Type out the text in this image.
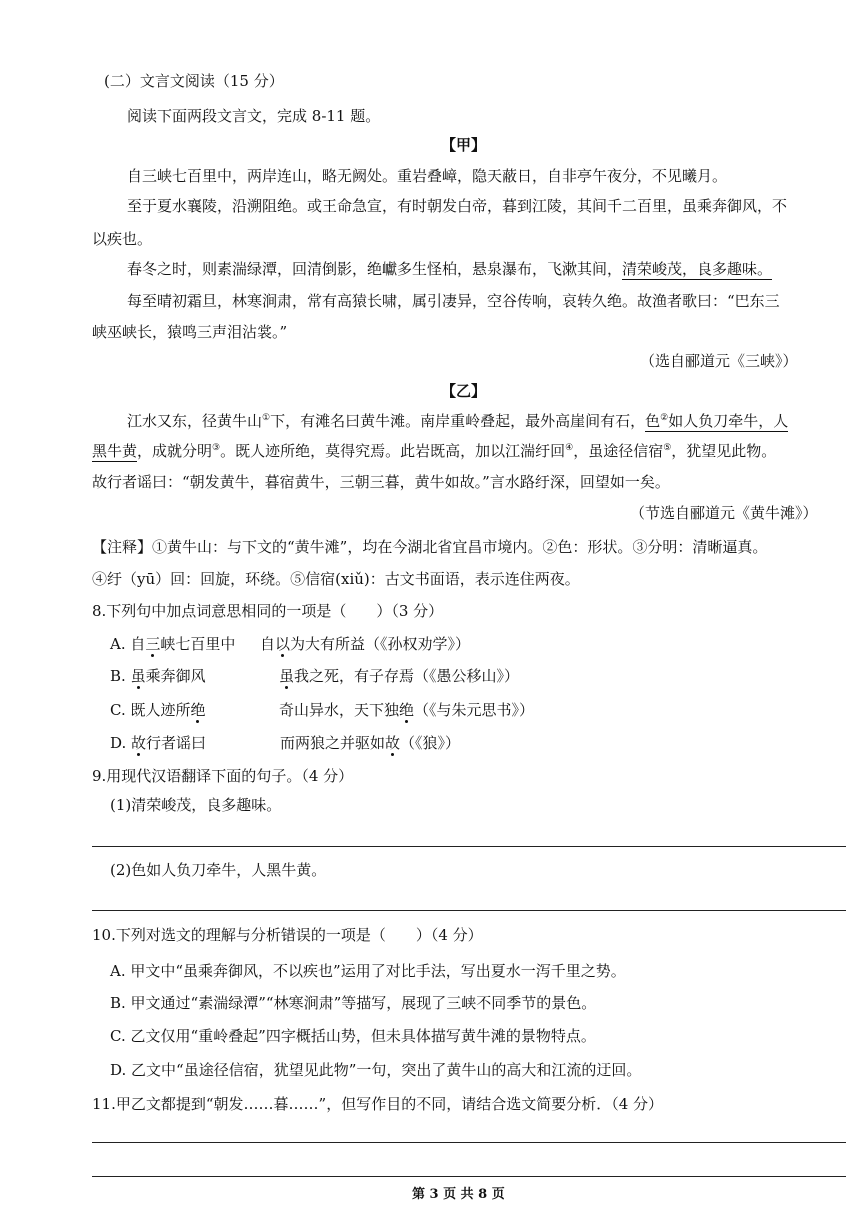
(二）文言文阅读（15 分）
阅读下面两段文言文，完成 8-11 题。
【甲】
自三峡七百里中，两岸连山，略无阙处。重岩叠嶂，隐天蔽日，自非亭午夜分，不见曦月。
至于夏水襄陵，沿溯阻绝。或王命急宣，有时朝发白帝，暮到江陵，其间千二百里，虽乘奔御风，不
以疾也。
春冬之时，则素湍绿潭，回清倒影，绝巘多生怪柏，悬泉瀑布，飞漱其间，清荣峻茂，良多趣味。
每至晴初霜旦，林寒涧肃，常有高猿长啸，属引凄异，空谷传响，哀转久绝。故渔者歌曰：“巴东三
峡巫峡长，猿鸣三声泪沾裳。”
（选自郦道元《三峡》）
【乙】
江水又东，径黄牛山①下，有滩名曰黄牛滩。南岸重岭叠起，最外高崖间有石，色②如人负刀牵牛，人
黑牛黄，成就分明③。既人迹所绝，莫得究焉。此岩既高，加以江湍纡回④，虽途径信宿⑤，犹望见此物。
故行者谣曰：“朝发黄牛，暮宿黄牛，三朝三暮，黄牛如故。”言水路纡深，回望如一矣。
（节选自郦道元《黄牛滩》）
【注释】①黄牛山：与下文的“黄牛滩”，均在今湖北省宜昌市境内。②色：形状。③分明：清晰逼真。
④纡（yū）回：回旋，环绕。⑤信宿(xiǔ)：古文书面语，表示连住两夜。
8.下列句中加点词意思相同的一项是（　　）（3 分）
A. 自三峡七百里中 自以为大有所益（《孙权劝学》）
B. 虽乘奔御风	虽我之死，有子存焉（《愚公移山》）
C. 既人迹所绝	奇山异水，天下独绝（《与朱元思书》）
D. 故行者谣曰	而两狼之并驱如故（《狼》）
9.用现代汉语翻译下面的句子。（4 分）
(1)清荣峻茂，良多趣味。
(2)色如人负刀牵牛，人黑牛黄。
10.下列对选文的理解与分析错误的一项是（　　）（4 分）
A. 甲文中“虽乘奔御风，不以疾也”运用了对比手法，写出夏水一泻千里之势。
B. 甲文通过“素湍绿潭”“林寒涧肃”等描写，展现了三峡不同季节的景色。
C. 乙文仅用“重岭叠起”四字概括山势，但未具体描写黄牛滩的景物特点。
D. 乙文中“虽途径信宿，犹望见此物”一句，突出了黄牛山的高大和江流的迂回。
11.甲乙文都提到“朝发……暮……”，但写作目的不同，请结合选文简要分析．（4 分）
第 3 页 共 8 页
